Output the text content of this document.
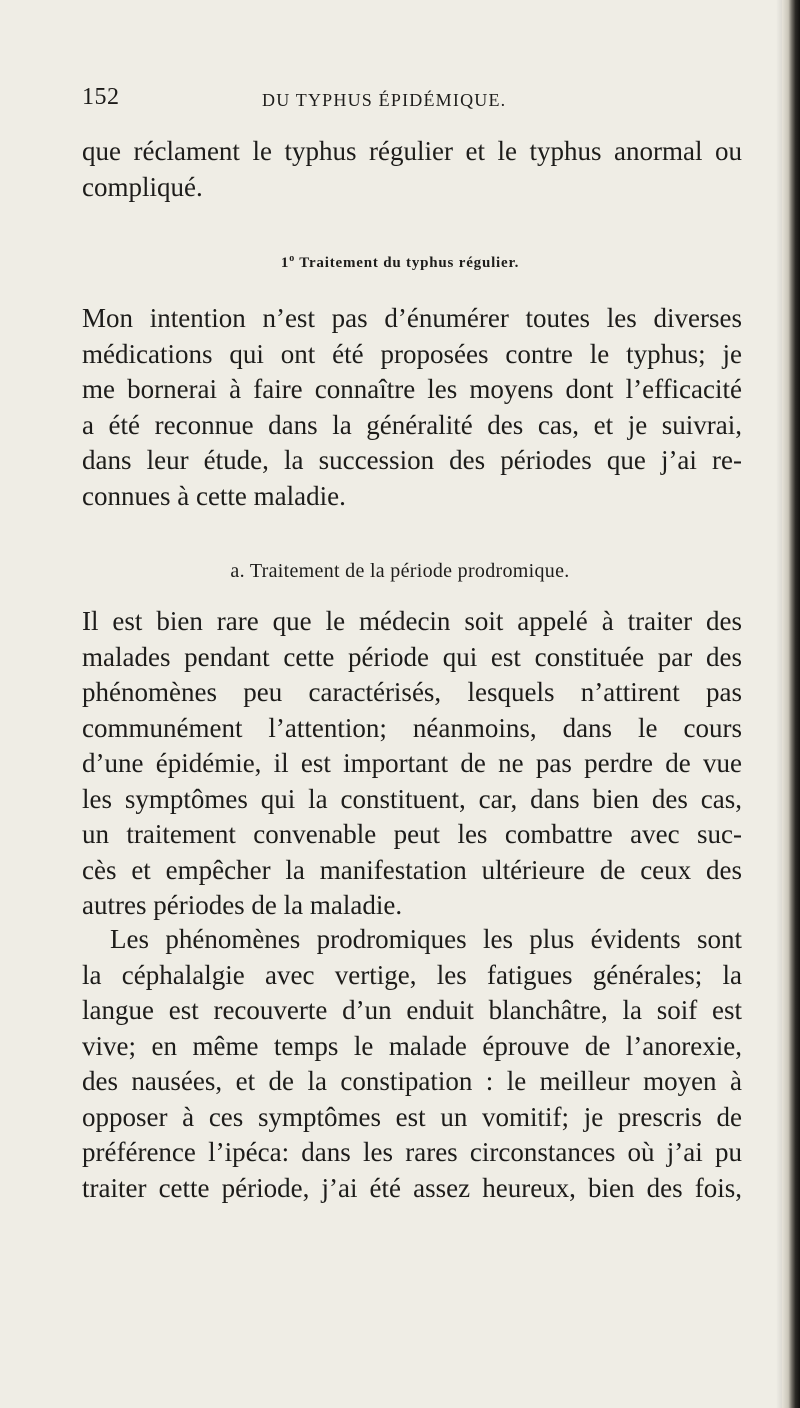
152	DU TYPHUS ÉPIDÉMIQUE.

que réclament le typhus régulier et le typhus anormal ou
compliqué.

1$^o$ Traitement du typhus régulier.

Mon intention n’est pas d’énumérer toutes les diverses
médications qui ont été proposées contre le typhus; je
me bornerai à faire connaître les moyens dont l’efficacité
a été reconnue dans la généralité des cas, et je suivrai,
dans leur étude, la succession des périodes que j’ai re-
connues à cette maladie.

a. Traitement de la période prodromique.

Il est bien rare que le médecin soit appelé à traiter des
malades pendant cette période qui est constituée par des
phénomènes peu caractérisés, lesquels n’attirent pas
communément l’attention; néanmoins, dans le cours
d’une épidémie, il est important de ne pas perdre de vue
les symptômes qui la constituent, car, dans bien des cas,
un traitement convenable peut les combattre avec suc-
cès et empêcher la manifestation ultérieure de ceux des
autres périodes de la maladie.

Les phénomènes prodromiques les plus évidents sont
la céphalalgie avec vertige, les fatigues générales; la
langue est recouverte d’un enduit blanchâtre, la soif est
vive; en même temps le malade éprouve de l’anorexie,
des nausées, et de la constipation : le meilleur moyen à
opposer à ces symptômes est un vomitif; je prescris de
préférence l’ipéca: dans les rares circonstances où j’ai pu
traiter cette période, j’ai été assez heureux, bien des fois,
